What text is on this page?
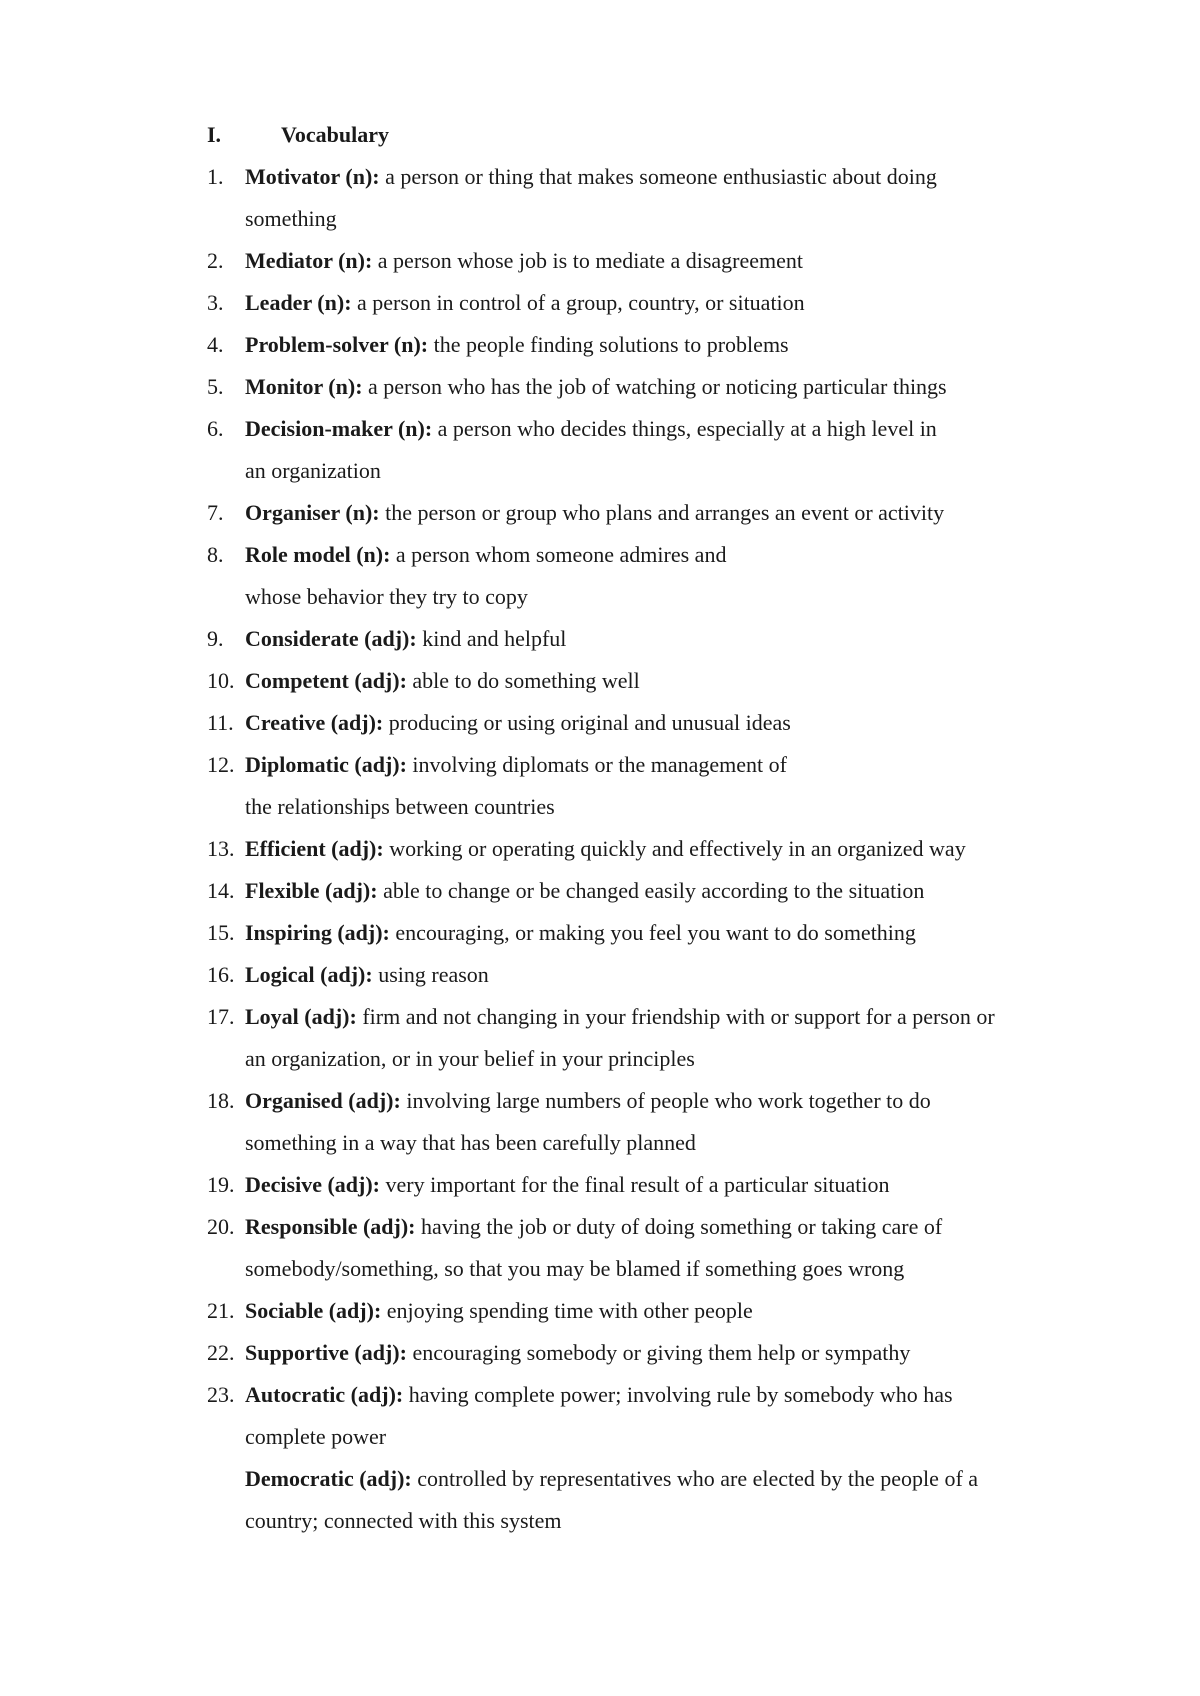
I.	Vocabulary
1. Motivator (n): a person or thing that makes someone enthusiastic about doing
something
2. Mediator (n): a person whose job is to mediate a disagreement
3. Leader (n): a person in control of a group, country, or situation
4. Problem-solver (n): the people finding solutions to problems
5. Monitor (n): a person who has the job of watching or noticing particular things
6. Decision-maker (n): a person who decides things, especially at a high level in
an organization
7. Organiser (n): the person or group who plans and arranges an event or activity
8. Role model (n): a person whom someone admires and
whose behavior they try to copy
9. Considerate (adj): kind and helpful
10. Competent (adj): able to do something well
11. Creative (adj): producing or using original and unusual ideas
12. Diplomatic (adj): involving diplomats or the management of
the relationships between countries
13. Efficient (adj): working or operating quickly and effectively in an organized way
14. Flexible (adj): able to change or be changed easily according to the situation
15. Inspiring (adj): encouraging, or making you feel you want to do something
16. Logical (adj): using reason
17. Loyal (adj): firm and not changing in your friendship with or support for a person or
an organization, or in your belief in your principles
18. Organised (adj): involving large numbers of people who work together to do
something in a way that has been carefully planned
19. Decisive (adj): very important for the final result of a particular situation
20. Responsible (adj): having the job or duty of doing something or taking care of
somebody/something, so that you may be blamed if something goes wrong
21. Sociable (adj): enjoying spending time with other people
22. Supportive (adj): encouraging somebody or giving them help or sympathy
23. Autocratic (adj): having complete power; involving rule by somebody who has
complete power
Democratic (adj): controlled by representatives who are elected by the people of a
country; connected with this system
